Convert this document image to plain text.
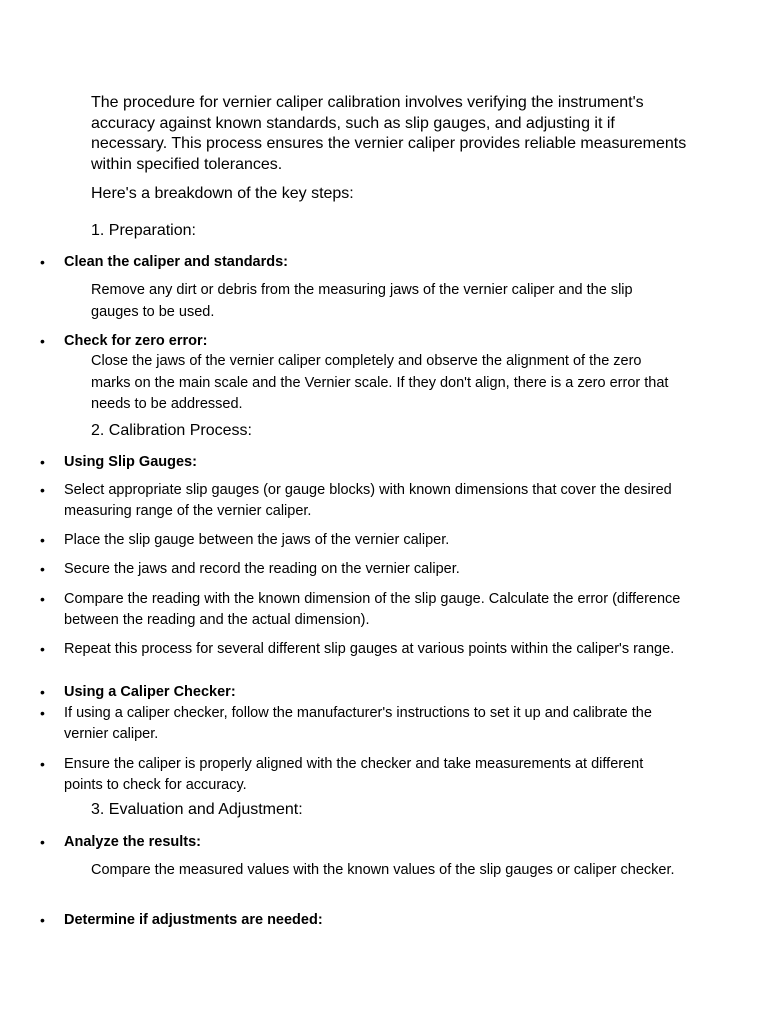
The procedure for vernier caliper calibration involves verifying the instrument's accuracy against known standards, such as slip gauges, and adjusting it if necessary. This process ensures the vernier caliper provides reliable measurements within specified tolerances.

Here's a breakdown of the key steps:

1. Preparation:

• Clean the caliper and standards:

Remove any dirt or debris from the measuring jaws of the vernier caliper and the slip gauges to be used.

• Check for zero error:

Close the jaws of the vernier caliper completely and observe the alignment of the zero marks on the main scale and the Vernier scale. If they don't align, there is a zero error that needs to be addressed.

2. Calibration Process:

• Using Slip Gauges:

• Select appropriate slip gauges (or gauge blocks) with known dimensions that cover the desired measuring range of the vernier caliper.

• Place the slip gauge between the jaws of the vernier caliper.

• Secure the jaws and record the reading on the vernier caliper.

• Compare the reading with the known dimension of the slip gauge. Calculate the error (difference between the reading and the actual dimension).

• Repeat this process for several different slip gauges at various points within the caliper's range.

• Using a Caliper Checker:

• If using a caliper checker, follow the manufacturer's instructions to set it up and calibrate the vernier caliper.

• Ensure the caliper is properly aligned with the checker and take measurements at different points to check for accuracy.

3. Evaluation and Adjustment:

• Analyze the results:

Compare the measured values with the known values of the slip gauges or caliper checker.

• Determine if adjustments are needed:
